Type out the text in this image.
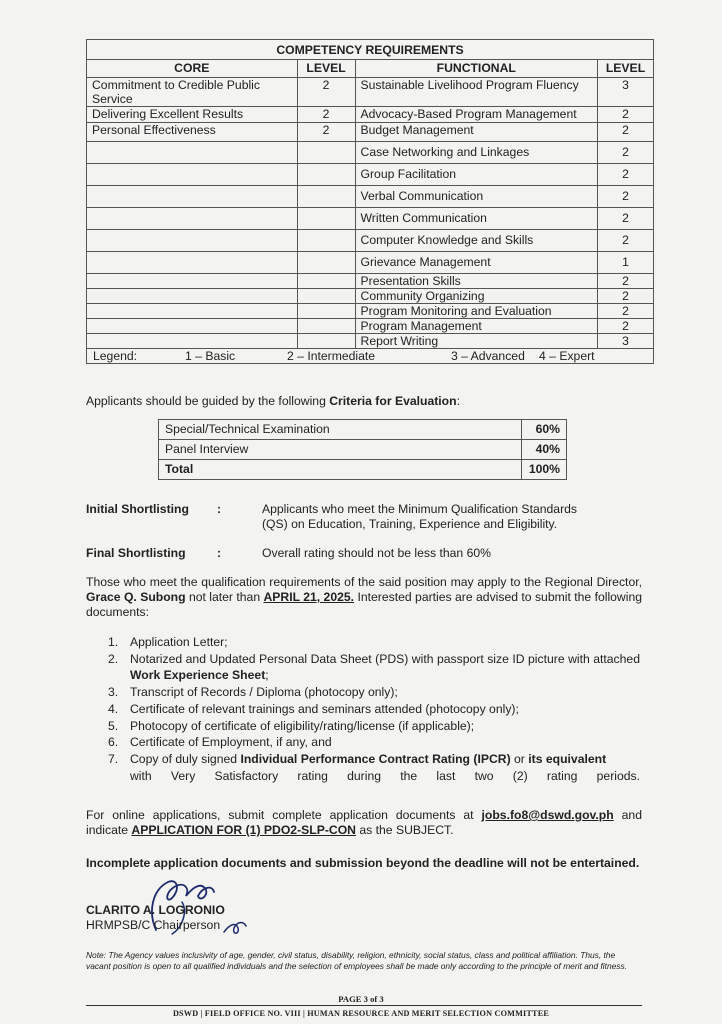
COMPETENCY REQUIREMENTS			
CORE	LEVEL	FUNCTIONAL	LEVEL
Commitment to Credible Public Service	2	Sustainable Livelihood Program Fluency	3
Delivering Excellent Results	2	Advocacy-Based Program Management	2
Personal Effectiveness	2	Budget Management	2
		Case Networking and Linkages	2
		Group Facilitation	2
		Verbal Communication	2
		Written Communication	2
		Computer Knowledge and Skills	2
		Grievance Management	1
		Presentation Skills	2
		Community Organizing	2
		Program Monitoring and Evaluation	2
		Program Management	2
		Report Writing	3

Legend: 1 – Basic 2 – Intermediate 3 – Advanced 4 – Expert			
Applicants should be guided by the following Criteria for Evaluation:
Special/Technical Examination	60%
Panel Interview	40%
Total	100%
Initial Shortlisting :	Applicants who meet the Minimum Qualification Standards (QS) on Education, Training, Experience and Eligibility.
Final Shortlisting	:	Overall rating should not be less than 60%
Those who meet the qualification requirements of the said position may apply to the Regional Director, Grace Q. Subong not later than APRIL 21, 2025. Interested parties are advised to submit the following documents:
1. Application Letter;
2. Notarized and Updated Personal Data Sheet (PDS) with passport size ID picture with attached Work Experience Sheet;
3. Transcript of Records / Diploma (photocopy only);
4. Certificate of relevant trainings and seminars attended (photocopy only);
5. Photocopy of certificate of eligibility/rating/license (if applicable);
6. Certificate of Employment, if any, and
7. Copy of duly signed Individual Performance Contract Rating (IPCR) or its equivalent
with Very Satisfactory rating during the last two (2) rating periods.
For online applications, submit complete application documents at jobs.fo8@dswd.gov.ph and indicate APPLICATION FOR (1) PDO2-SLP-CON as the SUBJECT.
Incomplete application documents and submission beyond the deadline will not be entertained.
CLARITO A. LOGRONIO
HRMPSB/C Chairperson
Note: The Agency values inclusivity of age, gender, civil status, disability, religion, ethnicity, social status, class and political affiliation. Thus, the vacant position is open to all qualified individuals and the selection of employees shall be made only according to the principle of merit and fitness.
PAGE 3 of 3
DSWD | FIELD OFFICE NO. VIII | HUMAN RESOURCE AND MERIT SELECTION COMMITTEE
